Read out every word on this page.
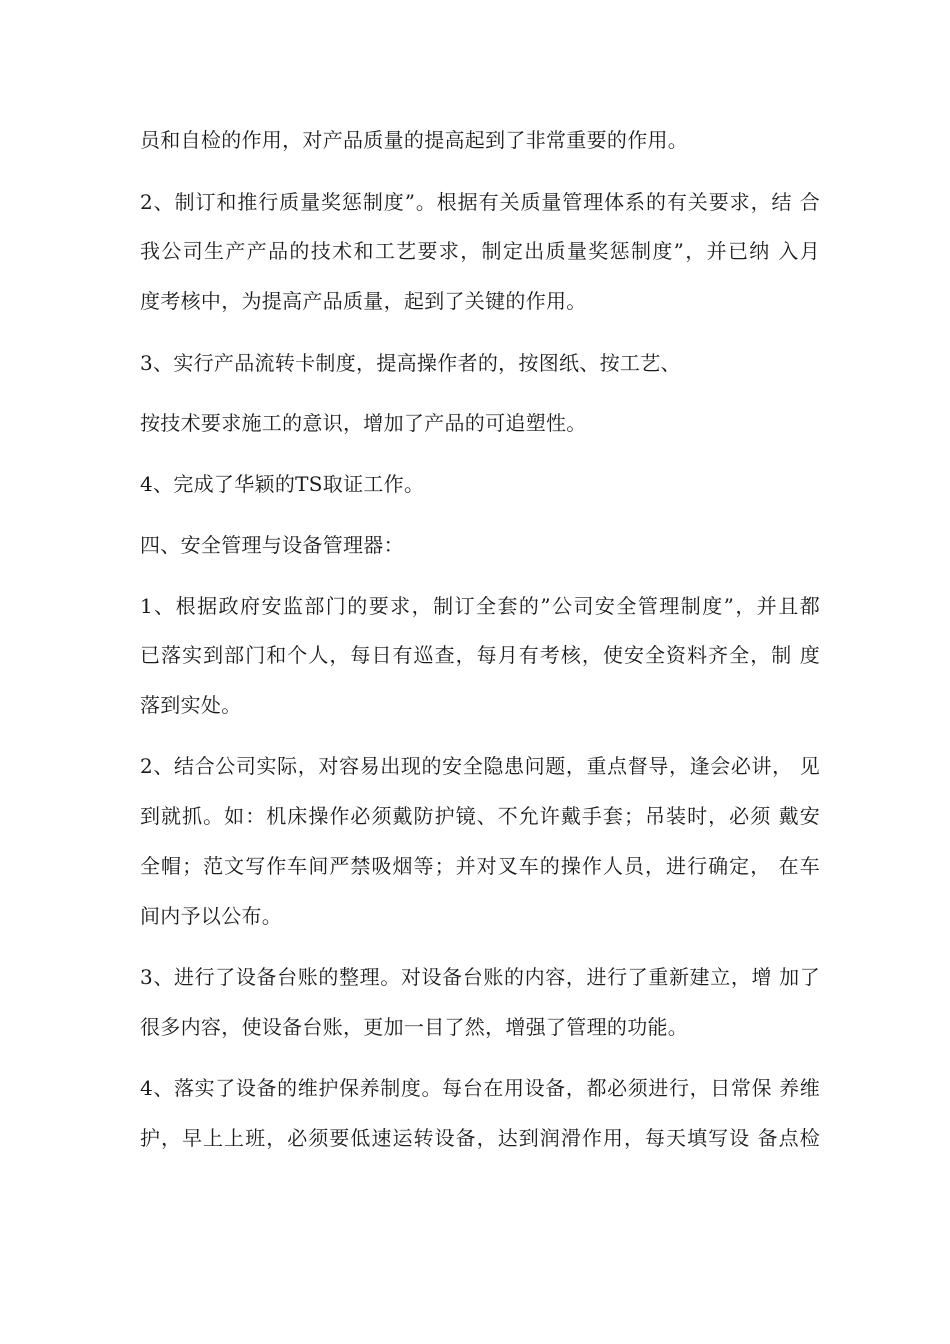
员和自检的作用，对产品质量的提高起到了非常重要的作用。
2、制订和推行质量奖惩制度”。根据有关质量管理体系的有关要求，结 合
我公司生产产品的技术和工艺要求，制定出质量奖惩制度”，并已纳 入月
度考核中，为提高产品质量，起到了关键的作用。
3、实行产品流转卡制度，提高操作者的，按图纸、按工艺、
按技术要求施工的意识，增加了产品的可追塑性。
4、完成了华颖的TS取证工作。
四、安全管理与设备管理器：
1、根据政府安监部门的要求，制订全套的”公司安全管理制度”，并且都
已落实到部门和个人，每日有巡查，每月有考核，使安全资料齐全，制 度
落到实处。
2、结合公司实际，对容易出现的安全隐患问题，重点督导，逢会必讲， 见
到就抓。如：机床操作必须戴防护镜、不允许戴手套；吊装时，必须 戴安
全帽；范文写作车间严禁吸烟等；并对叉车的操作人员，进行确定， 在车
间内予以公布。
3、进行了设备台账的整理。对设备台账的内容，进行了重新建立，增 加了
很多内容，使设备台账，更加一目了然，增强了管理的功能。
4、落实了设备的维护保养制度。每台在用设备，都必须进行，日常保 养维
护，早上上班，必须要低速运转设备，达到润滑作用，每天填写设 备点检
